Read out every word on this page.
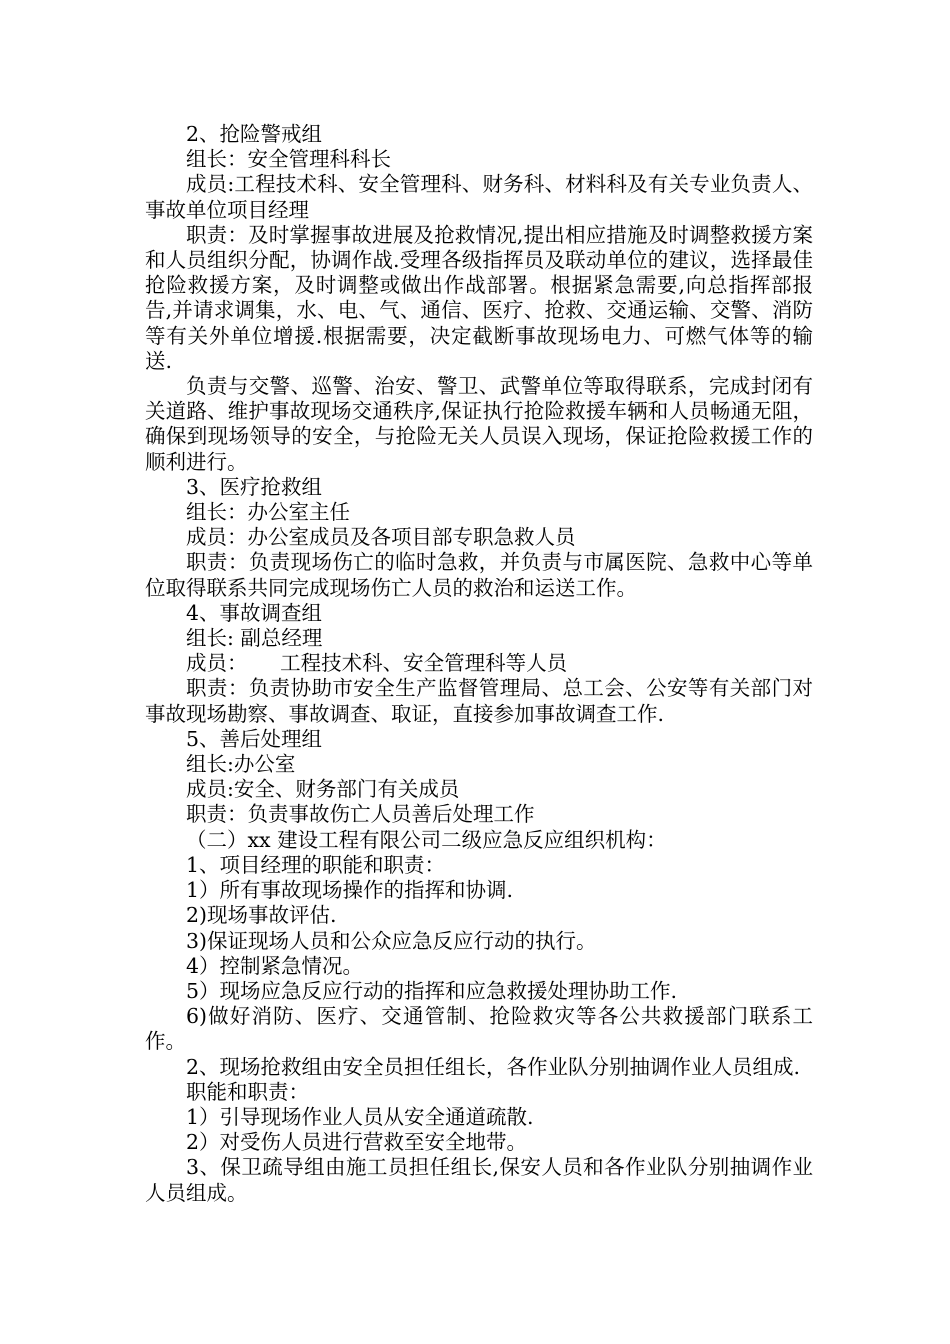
2、抢险警戒组

组长：安全管理科科长

成员:工程技术科、安全管理科、财务科、材料科及有关专业负责人、事故单位项目经理

职责：及时掌握事故进展及抢救情况,提出相应措施及时调整救援方案和人员组织分配，协调作战.受理各级指挥员及联动单位的建议，选择最佳抢险救援方案，及时调整或做出作战部署。根据紧急需要,向总指挥部报告,并请求调集，水、电、气、通信、医疗、抢救、交通运输、交警、消防等有关外单位增援.根据需要，决定截断事故现场电力、可燃气体等的输送.

负责与交警、巡警、治安、警卫、武警单位等取得联系，完成封闭有关道路、维护事故现场交通秩序,保证执行抢险救援车辆和人员畅通无阻，确保到现场领导的安全，与抢险无关人员误入现场，保证抢险救援工作的顺利进行。

3、医疗抢救组

组长：办公室主任

成员：办公室成员及各项目部专职急救人员

职责：负责现场伤亡的临时急救，并负责与市属医院、急救中心等单位取得联系共同完成现场伤亡人员的救治和运送工作。

4、事故调查组

组长: 副总经理

成员：     工程技术科、安全管理科等人员

职责：负责协助市安全生产监督管理局、总工会、公安等有关部门对事故现场勘察、事故调查、取证，直接参加事故调查工作.

5、善后处理组

组长:办公室

成员:安全、财务部门有关成员

职责：负责事故伤亡人员善后处理工作

（二）xx 建设工程有限公司二级应急反应组织机构：

1、项目经理的职能和职责：

1）所有事故现场操作的指挥和协调.

2)现场事故评估.

3)保证现场人员和公众应急反应行动的执行。

4）控制紧急情况。

5）现场应急反应行动的指挥和应急救援处理协助工作.

6)做好消防、医疗、交通管制、抢险救灾等各公共救援部门联系工作。

2、现场抢救组由安全员担任组长，各作业队分别抽调作业人员组成.

职能和职责：

1）引导现场作业人员从安全通道疏散.

2）对受伤人员进行营救至安全地带。

3、保卫疏导组由施工员担任组长,保安人员和各作业队分别抽调作业人员组成。
